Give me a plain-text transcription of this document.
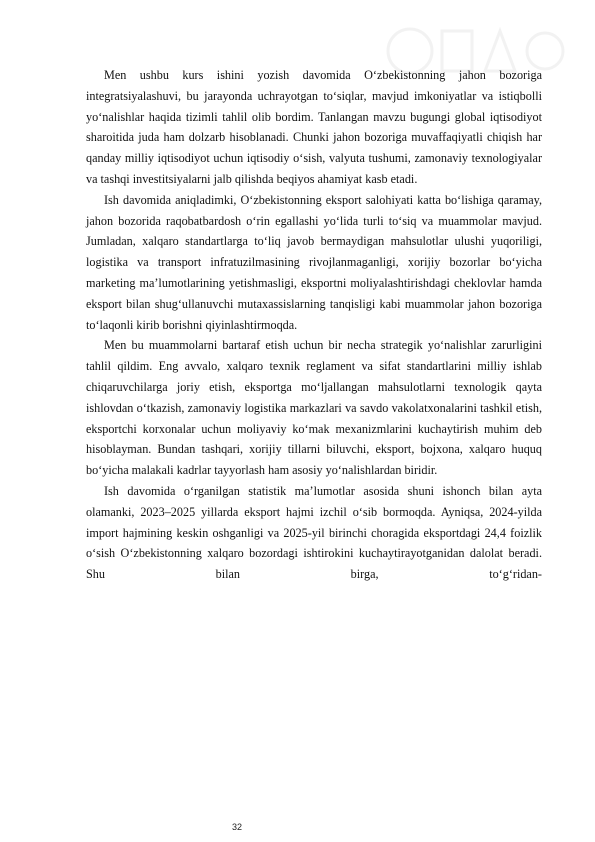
Men ushbu kurs ishini yozish davomida O‘zbekistonning jahon bozoriga integratsiyalashuvi, bu jarayonda uchrayotgan to‘siqlar, mavjud imkoniyatlar va istiqbolli yo‘nalishlar haqida tizimli tahlil olib bordim. Tanlangan mavzu bugungi global iqtisodiyot sharoitida juda ham dolzarb hisoblanadi. Chunki jahon bozoriga muvaffaqiyatli chiqish har qanday milliy iqtisodiyot uchun iqtisodiy o‘sish, valyuta tushumi, zamonaviy texnologiyalar va tashqi investitsiyalarni jalb qilishda beqiyos ahamiyat kasb etadi.

Ish davomida aniqladimki, O‘zbekistonning eksport salohiyati katta bo‘lishiga qaramay, jahon bozorida raqobatbardosh o‘rin egallashi yo‘lida turli to‘siq va muammolar mavjud. Jumladan, xalqaro standartlarga to‘liq javob bermaydigan mahsulotlar ulushi yuqoriligi, logistika va transport infratuzilmasining rivojlanmaganligi, xorijiy bozorlar bo‘yicha marketing ma’lumotlarining yetishmasligi, eksportni moliyalashtirishdagi cheklovlar hamda eksport bilan shug‘ullanuvchi mutaxassislarning tanqisligi kabi muammolar jahon bozoriga to‘laqonli kirib borishni qiyinlashtirmoqda.

Men bu muammolarni bartaraf etish uchun bir necha strategik yo‘nalishlar zarurligini tahlil qildim. Eng avvalo, xalqaro texnik reglament va sifat standartlarini milliy ishlab chiqaruvchilarga joriy etish, eksportga mo‘ljallangan mahsulotlarni texnologik qayta ishlovdan o‘tkazish, zamonaviy logistika markazlari va savdo vakolatxonalarini tashkil etish, eksportchi korxonalar uchun moliyaviy ko‘mak mexanizmlarini kuchaytirish muhim deb hisoblayman. Bundan tashqari, xorijiy tillarni biluvchi, eksport, bojxona, xalqaro huquq bo‘yicha malakali kadrlar tayyorlash ham asosiy yo‘nalishlardan biridir.

Ish davomida o‘rganilgan statistik ma’lumotlar asosida shuni ishonch bilan ayta olamanki, 2023–2025 yillarda eksport hajmi izchil o‘sib bormoqda. Ayniqsa, 2024-yilda import hajmining keskin oshganligi va 2025-yil birinchi choragida eksportdagi 24,4 foizlik o‘sish O‘zbekistonning xalqaro bozordagi ishtirokini kuchaytirayotganidan dalolat beradi. Shu bilan birga, to‘g‘ridan-

32
